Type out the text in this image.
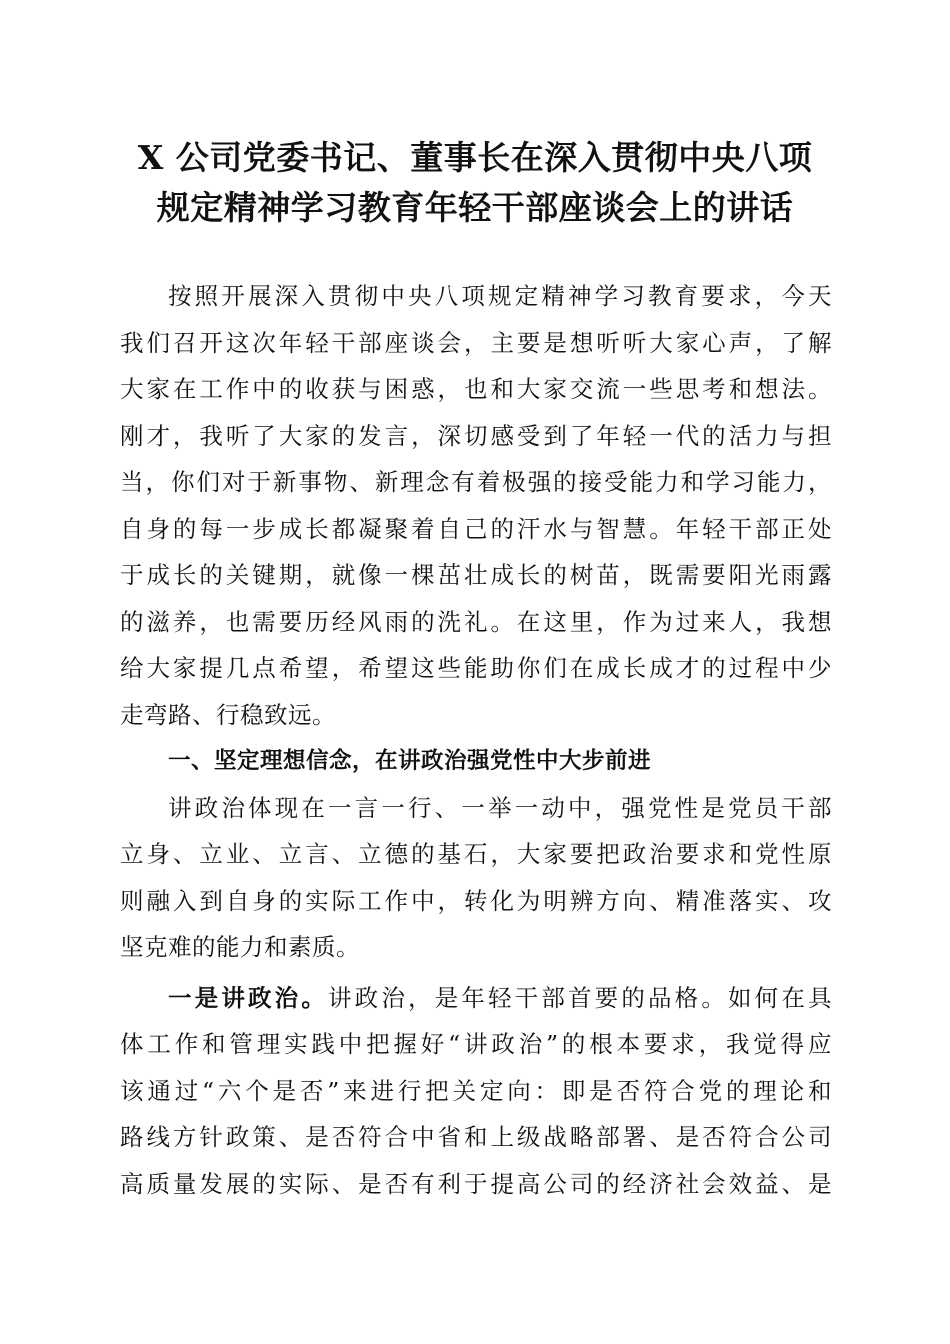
X 公司党委书记、董事长在深入贯彻中央八项
规定精神学习教育年轻干部座谈会上的讲话
按照开展深入贯彻中央八项规定精神学习教育要求，今天
我们召开这次年轻干部座谈会，主要是想听听大家心声，了解
大家在工作中的收获与困惑，也和大家交流一些思考和想法。
刚才，我听了大家的发言，深切感受到了年轻一代的活力与担
当，你们对于新事物、新理念有着极强的接受能力和学习能力，
自身的每一步成长都凝聚着自己的汗水与智慧。年轻干部正处
于成长的关键期，就像一棵茁壮成长的树苗，既需要阳光雨露
的滋养，也需要历经风雨的洗礼。在这里，作为过来人，我想
给大家提几点希望，希望这些能助你们在成长成才的过程中少
走弯路、行稳致远。
一、坚定理想信念，在讲政治强党性中大步前进
讲政治体现在一言一行、一举一动中，强党性是党员干部
立身、立业、立言、立德的基石，大家要把政治要求和党性原
则融入到自身的实际工作中，转化为明辨方向、精准落实、攻
坚克难的能力和素质。
一是讲政治。讲政治，是年轻干部首要的品格。如何在具
体工作和管理实践中把握好“讲政治”的根本要求，我觉得应
该通过“六个是否”来进行把关定向：即是否符合党的理论和
路线方针政策、是否符合中省和上级战略部署、是否符合公司
高质量发展的实际、是否有利于提高公司的经济社会效益、是
